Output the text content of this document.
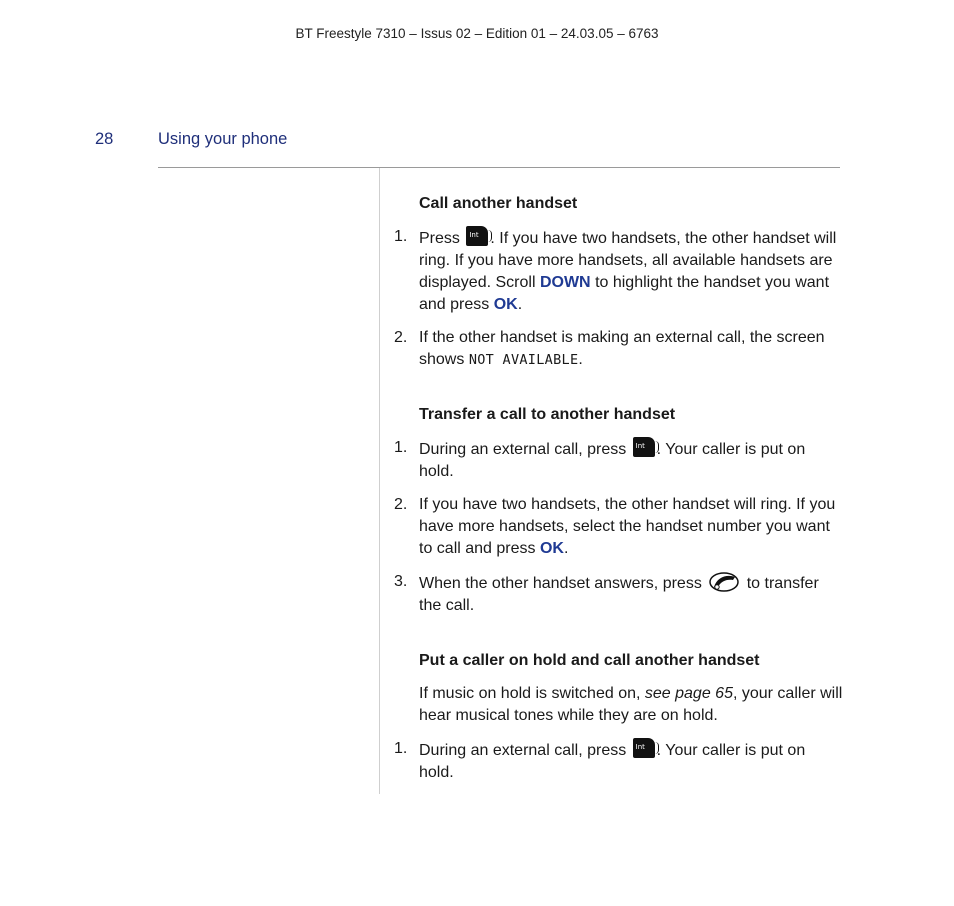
BT Freestyle 7310 – Issus 02 – Edition 01 – 24.03.05 – 6763
28	Using your phone
Call another handset
1. Press Int . If you have two handsets, the other handset will ring. If you have more handsets, all available handsets are displayed. Scroll DOWN to highlight the handset you want and press OK.
2. If the other handset is making an external call, the screen shows NOT AVAILABLE.
Transfer a call to another handset
1. During an external call, press Int . Your caller is put on hold.
2. If you have two handsets, the other handset will ring. If you have more handsets, select the handset number you want to call and press OK.
3. When the other handset answers, press	to transfer the call.
Put a caller on hold and call another handset
If music on hold is switched on, see page 65, your caller will hear musical tones while they are on hold.
1. During an external call, press Int . Your caller is put on hold.
